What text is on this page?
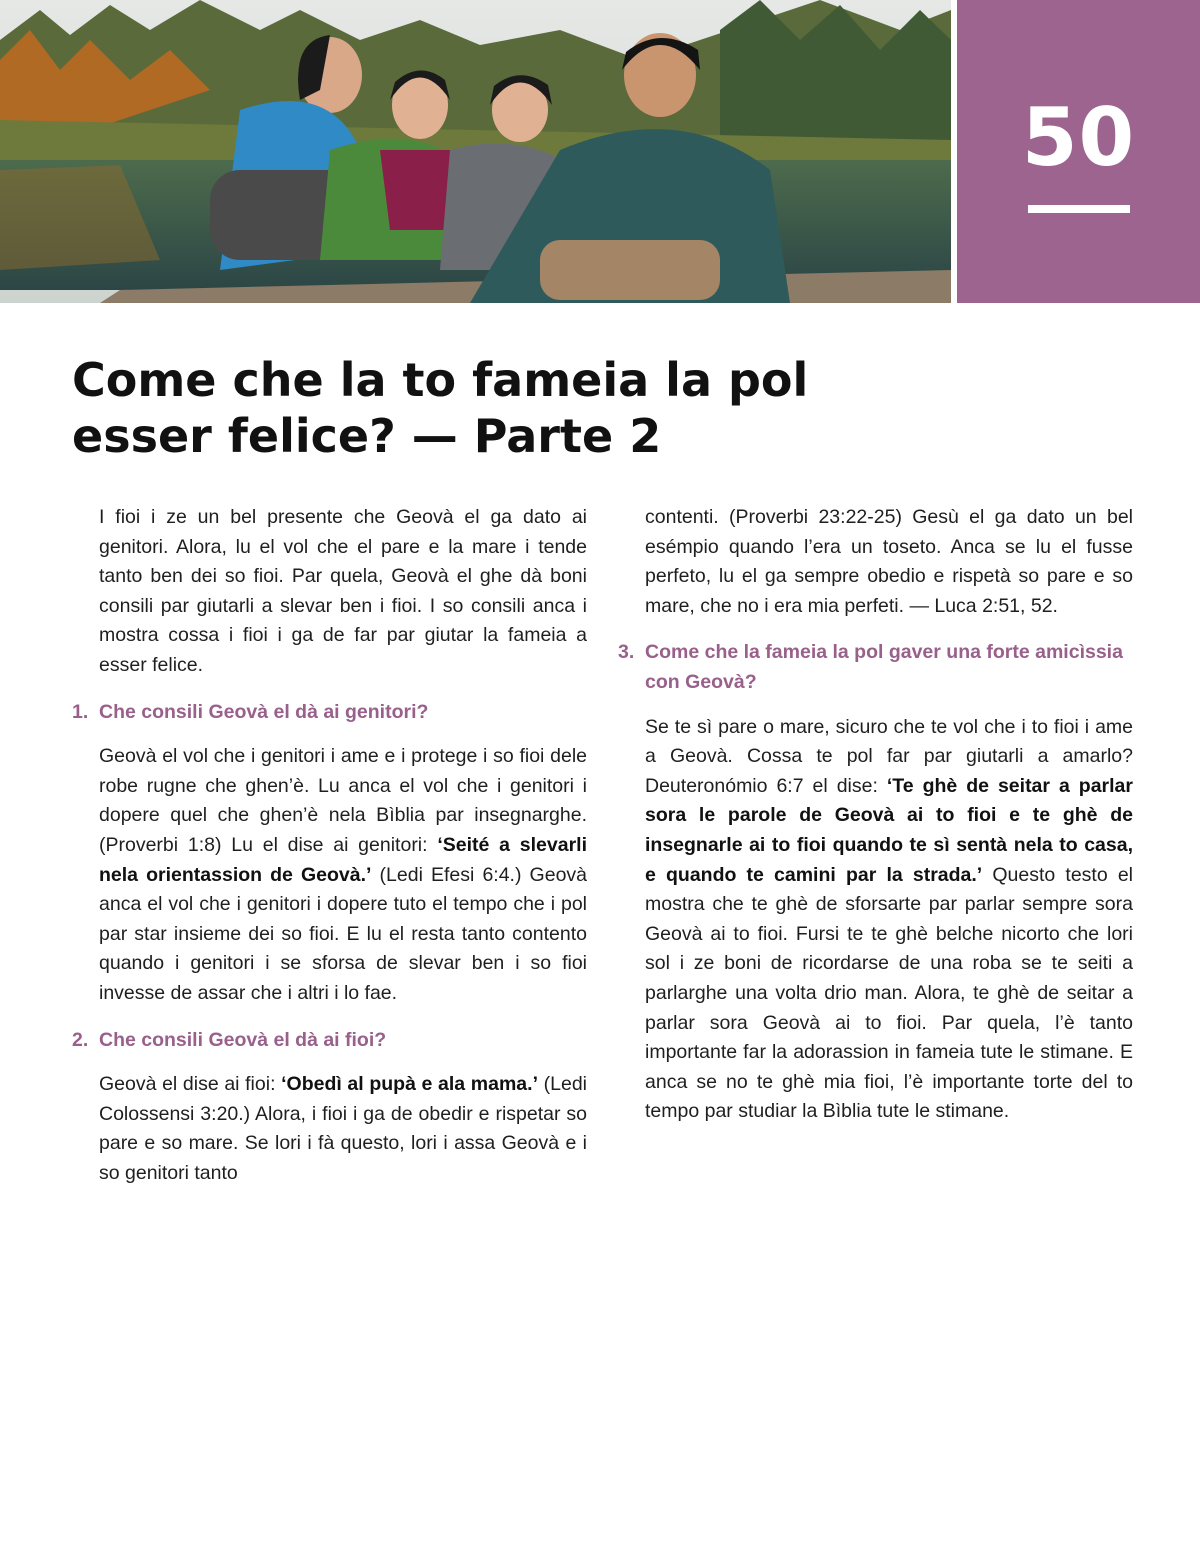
50
Come che la to fameia la pol
esser felice? — Parte 2

I fioi i ze un bel presente che Geovà el ga dato ai genitori. Alora, lu el vol che el pare e la mare i tende tanto ben dei so fioi. Par quela, Geovà el ghe dà boni consili par giutarli a slevar ben i fioi. I so consili anca i mostra cossa i fioi i ga de far par giutar la fameia a esser felice.

1. Che consili Geovà el dà ai genitori?

Geovà el vol che i genitori i ame e i protege i so fioi dele robe rugne che ghen’è. Lu anca el vol che i genitori i dopere quel che ghen’è nela Bìblia par insegnarghe. (Proverbi 1:8) Lu el dise ai genitori: ‘Seité a slevarli nela orientassion de Geovà.’ (Ledi Efesi 6:4.) Geovà anca el vol che i genitori i dopere tuto el tempo che i pol par star insieme dei so fioi. E lu el resta tanto contento quando i genitori i se sforsa de slevar ben i so fioi invesse de assar che i altri i lo fae.

2. Che consili Geovà el dà ai fioi?

Geovà el dise ai fioi: ‘Obedì al pupà e ala mama.’ (Ledi Colossensi 3:20.) Alora, i fioi i ga de obedir e rispetar so pare e so mare. Se lori i fà questo, lori i assa Geovà e i so genitori tanto

contenti. (Proverbi 23:22-25) Gesù el ga dato un bel esémpio quando l’era un toseto. Anca se lu el fusse perfeto, lu el ga sempre obedio e rispetà so pare e so mare, che no i era mia perfeti. — Luca 2:51, 52.

3. Come che la fameia la pol gaver una forte amicìssia con Geovà?

Se te sì pare o mare, sicuro che te vol che i to fioi i ame a Geovà. Cossa te pol far par giutarli a amarlo? Deuteronómio 6:7 el dise: ‘Te ghè de seitar a parlar sora le parole de Geovà ai to fioi e te ghè de insegnarle ai to fioi quando te sì sentà nela to casa, e quando te camini par la strada.’ Questo testo el mostra che te ghè de sforsarte par parlar sempre sora Geovà ai to fioi. Fursi te te ghè belche nicorto che lori sol i ze boni de ricordarse de una roba se te seiti a parlarghe una volta drio man. Alora, te ghè de seitar a parlar sora Geovà ai to fioi. Par quela, l’è tanto importante far la adorassion in fameia tute le stimane. E anca se no te ghè mia fioi, l’è importante torte del to tempo par studiar la Bìblia tute le stimane.
